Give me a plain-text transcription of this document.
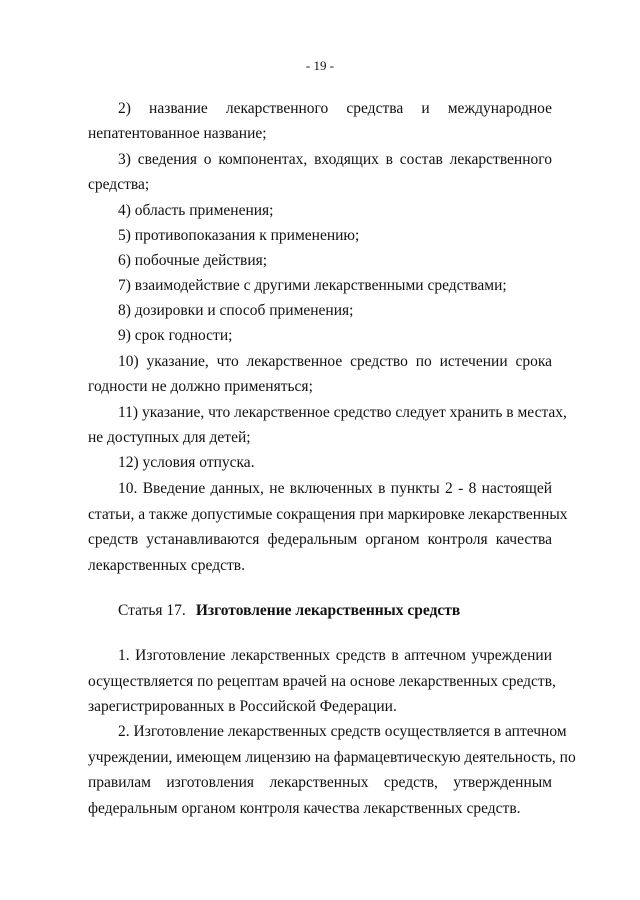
- 19 -
2) название лекарственного средства и международное
непатентованное название;
3) сведения о компонентах, входящих в состав лекарственного
средства;
4) область применения;
5) противопоказания к применению;
6) побочные действия;
7) взаимодействие с другими лекарственными средствами;
8) дозировки и способ применения;
9) срок годности;
10) указание, что лекарственное средство по истечении срока
годности не должно применяться;
11) указание, что лекарственное средство следует хранить в местах,
не доступных для детей;
12) условия отпуска.
10. Введение данных, не включенных в пункты 2 - 8 настоящей
статьи, а также допустимые сокращения при маркировке лекарственных
средств устанавливаются федеральным органом контроля качества
лекарственных средств.
Статья 17. Изготовление лекарственных средств
1. Изготовление лекарственных средств в аптечном учреждении
осуществляется по рецептам врачей на основе лекарственных средств,
зарегистрированных в Российской Федерации.
2. Изготовление лекарственных средств осуществляется в аптечном
учреждении, имеющем лицензию на фармацевтическую деятельность, по
правилам изготовления лекарственных средств, утвержденным
федеральным органом контроля качества лекарственных средств.
